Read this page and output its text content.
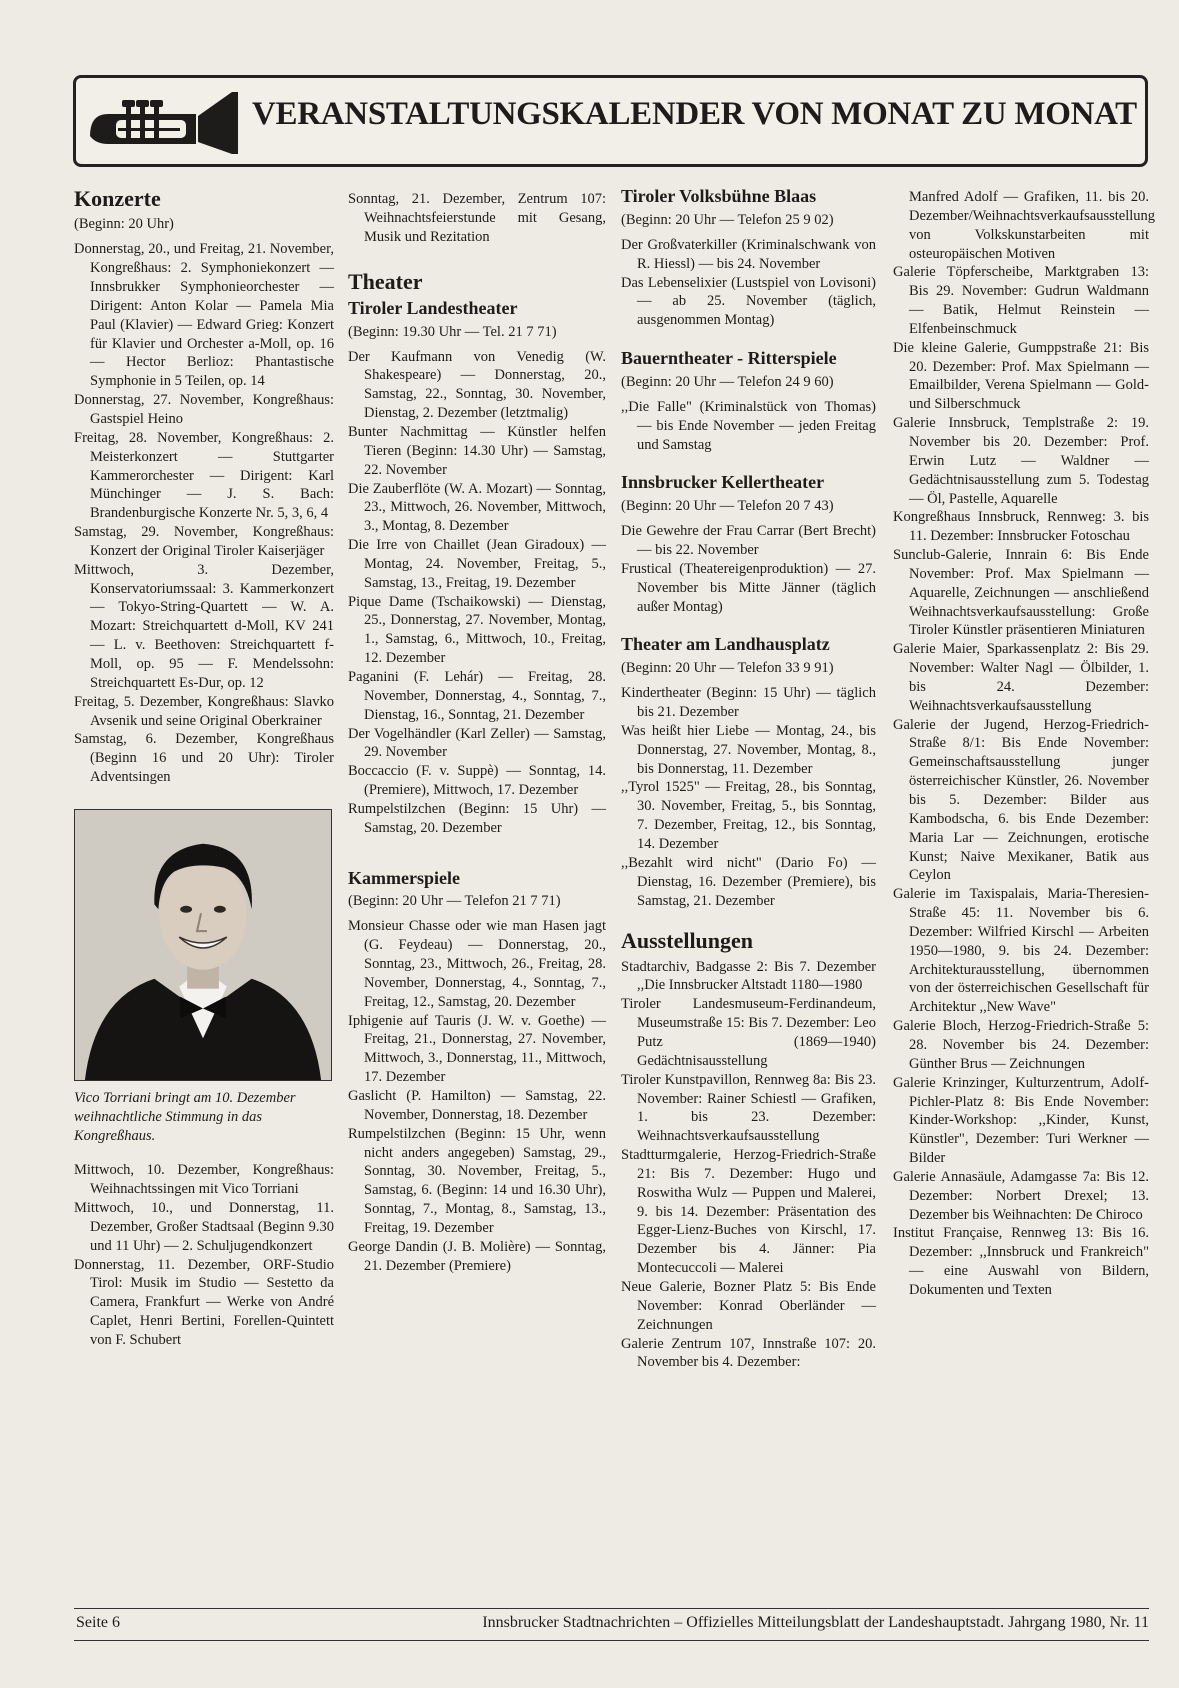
VERANSTALTUNGSKALENDER VON MONAT ZU MONAT
Konzerte
(Beginn: 20 Uhr)

Donnerstag, 20., und Freitag, 21. November, Kongreßhaus: 2. Symphoniekonzert — Innsbrukker Symphonieorchester — Dirigent: Anton Kolar — Pamela Mia Paul (Klavier) — Edward Grieg: Konzert für Klavier und Orchester a-Moll, op. 16 — Hector Berlioz: Phantastische Symphonie in 5 Teilen, op. 14

Donnerstag, 27. November, Kongreßhaus: Gastspiel Heino

Freitag, 28. November, Kongreßhaus: 2. Meisterkonzert — Stuttgarter Kammerorchester — Dirigent: Karl Münchinger — J. S. Bach: Brandenburgische Konzerte Nr. 5, 3, 6, 4

Samstag, 29. November, Kongreßhaus: Konzert der Original Tiroler Kaiserjäger

Mittwoch, 3. Dezember, Konservatoriumssaal: 3. Kammerkonzert — Tokyo-String-Quartett — W. A. Mozart: Streichquartett d-Moll, KV 241 — L. v. Beethoven: Streichquartett f-Moll, op. 95 — F. Mendelssohn: Streichquartett Es-Dur, op. 12

Freitag, 5. Dezember, Kongreßhaus: Slavko Avsenik und seine Original Oberkrainer

Samstag, 6. Dezember, Kongreßhaus (Beginn 16 und 20 Uhr): Tiroler Adventsingen

Vico Torriani bringt am 10. Dezember weihnachtliche Stimmung in das Kongreßhaus.

Mittwoch, 10. Dezember, Kongreßhaus: Weihnachtssingen mit Vico Torriani

Mittwoch, 10., und Donnerstag, 11. Dezember, Großer Stadtsaal (Beginn 9.30 und 11 Uhr) — 2. Schuljugendkonzert

Donnerstag, 11. Dezember, ORF-Studio Tirol: Musik im Studio — Sestetto da Camera, Frankfurt — Werke von André Caplet, Henri Bertini, Forellen-Quintett von F. Schubert

Sonntag, 21. Dezember, Zentrum 107: Weihnachtsfeierstunde mit Gesang, Musik und Rezitation

Theater
Tiroler Landestheater
(Beginn: 19.30 Uhr — Tel. 21 7 71)

Der Kaufmann von Venedig (W. Shakespeare) — Donnerstag, 20., Samstag, 22., Sonntag, 30. November, Dienstag, 2. Dezember (letztmalig)

Bunter Nachmittag — Künstler helfen Tieren (Beginn: 14.30 Uhr) — Samstag, 22. November

Die Zauberflöte (W. A. Mozart) — Sonntag, 23., Mittwoch, 26. November, Mittwoch, 3., Montag, 8. Dezember

Die Irre von Chaillet (Jean Giradoux) — Montag, 24. November, Freitag, 5., Samstag, 13., Freitag, 19. Dezember

Pique Dame (Tschaikowski) — Dienstag, 25., Donnerstag, 27. November, Montag, 1., Samstag, 6., Mittwoch, 10., Freitag, 12. Dezember

Paganini (F. Lehár) — Freitag, 28. November, Donnerstag, 4., Sonntag, 7., Dienstag, 16., Sonntag, 21. Dezember

Der Vogelhändler (Karl Zeller) — Samstag, 29. November

Boccaccio (F. v. Suppè) — Sonntag, 14. (Premiere), Mittwoch, 17. Dezember

Rumpelstilzchen (Beginn: 15 Uhr) — Samstag, 20. Dezember

Kammerspiele
(Beginn: 20 Uhr — Telefon 21 7 71)

Monsieur Chasse oder wie man Hasen jagt (G. Feydeau) — Donnerstag, 20., Sonntag, 23., Mittwoch, 26., Freitag, 28. November, Donnerstag, 4., Sonntag, 7., Freitag, 12., Samstag, 20. Dezember

Iphigenie auf Tauris (J. W. v. Goethe) — Freitag, 21., Donnerstag, 27. November, Mittwoch, 3., Donnerstag, 11., Mittwoch, 17. Dezember

Gaslicht (P. Hamilton) — Samstag, 22. November, Donnerstag, 18. Dezember

Rumpelstilzchen (Beginn: 15 Uhr, wenn nicht anders angegeben) Samstag, 29., Sonntag, 30. November, Freitag, 5., Samstag, 6. (Beginn: 14 und 16.30 Uhr), Sonntag, 7., Montag, 8., Samstag, 13., Freitag, 19. Dezember

George Dandin (J. B. Molière) — Sonntag, 21. Dezember (Premiere)

Tiroler Volksbühne Blaas
(Beginn: 20 Uhr — Telefon 25 9 02)

Der Großvaterkiller (Kriminalschwank von R. Hiessl) — bis 24. November

Das Lebenselixier (Lustspiel von Lovisoni) — ab 25. November (täglich, ausgenommen Montag)

Bauerntheater - Ritterspiele
(Beginn: 20 Uhr — Telefon 24 9 60)

,,Die Falle" (Kriminalstück von Thomas) — bis Ende November — jeden Freitag und Samstag

Innsbrucker Kellertheater
(Beginn: 20 Uhr — Telefon 20 7 43)

Die Gewehre der Frau Carrar (Bert Brecht) — bis 22. November

Frustical (Theatereigenproduktion) — 27. November bis Mitte Jänner (täglich außer Montag)

Theater am Landhausplatz
(Beginn: 20 Uhr — Telefon 33 9 91)

Kindertheater (Beginn: 15 Uhr) — täglich bis 21. Dezember

Was heißt hier Liebe — Montag, 24., bis Donnerstag, 27. November, Montag, 8., bis Donnerstag, 11. Dezember

,,Tyrol 1525" — Freitag, 28., bis Sonntag, 30. November, Freitag, 5., bis Sonntag, 7. Dezember, Freitag, 12., bis Sonntag, 14. Dezember

,,Bezahlt wird nicht" (Dario Fo) — Dienstag, 16. Dezember (Premiere), bis Samstag, 21. Dezember

Ausstellungen

Stadtarchiv, Badgasse 2: Bis 7. Dezember ,,Die Innsbrucker Altstadt 1180—1980

Tiroler Landesmuseum-Ferdinandeum, Museumstraße 15: Bis 7. Dezember: Leo Putz (1869—1940) Gedächtnisausstellung

Tiroler Kunstpavillon, Rennweg 8a: Bis 23. November: Rainer Schiestl — Grafiken, 1. bis 23. Dezember: Weihnachtsverkaufsausstellung

Stadtturmgalerie, Herzog-Friedrich-Straße 21: Bis 7. Dezember: Hugo und Roswitha Wulz — Puppen und Malerei, 9. bis 14. Dezember: Präsentation des Egger-Lienz-Buches von Kirschl, 17. Dezember bis 4. Jänner: Pia Montecuccoli — Malerei

Neue Galerie, Bozner Platz 5: Bis Ende November: Konrad Oberländer — Zeichnungen

Galerie Zentrum 107, Innstraße 107: 20. November bis 4. Dezember:

Manfred Adolf — Grafiken, 11. bis 20. Dezember/Weihnachtsverkaufsausstellung von Volkskunstarbeiten mit osteuropäischen Motiven

Galerie Töpferscheibe, Marktgraben 13: Bis 29. November: Gudrun Waldmann — Batik, Helmut Reinstein — Elfenbeinschmuck

Die kleine Galerie, Gumppstraße 21: Bis 20. Dezember: Prof. Max Spielmann — Emailbilder, Verena Spielmann — Gold- und Silberschmuck

Galerie Innsbruck, Templstraße 2: 19. November bis 20. Dezember: Prof. Erwin Lutz — Waldner — Gedächtnisausstellung zum 5. Todestag — Öl, Pastelle, Aquarelle

Kongreßhaus Innsbruck, Rennweg: 3. bis 11. Dezember: Innsbrucker Fotoschau

Sunclub-Galerie, Innrain 6: Bis Ende November: Prof. Max Spielmann — Aquarelle, Zeichnungen — anschließend Weihnachtsverkaufsausstellung: Große Tiroler Künstler präsentieren Miniaturen

Galerie Maier, Sparkassenplatz 2: Bis 29. November: Walter Nagl — Ölbilder, 1. bis 24. Dezember: Weihnachtsverkaufsausstellung

Galerie der Jugend, Herzog-Friedrich-Straße 8/1: Bis Ende November: Gemeinschaftsausstellung junger österreichischer Künstler, 26. November bis 5. Dezember: Bilder aus Kambodscha, 6. bis Ende Dezember: Maria Lar — Zeichnungen, erotische Kunst; Naive Mexikaner, Batik aus Ceylon

Galerie im Taxispalais, Maria-Theresien-Straße 45: 11. November bis 6. Dezember: Wilfried Kirschl — Arbeiten 1950—1980, 9. bis 24. Dezember: Architekturausstellung, übernommen von der österreichischen Gesellschaft für Architektur ,,New Wave"

Galerie Bloch, Herzog-Friedrich-Straße 5: 28. November bis 24. Dezember: Günther Brus — Zeichnungen

Galerie Krinzinger, Kulturzentrum, Adolf-Pichler-Platz 8: Bis Ende November: Kinder-Workshop: ,,Kinder, Kunst, Künstler", Dezember: Turi Werkner — Bilder

Galerie Annasäule, Adamgasse 7a: Bis 12. Dezember: Norbert Drexel; 13. Dezember bis Weihnachten: De Chiroco

Institut Française, Rennweg 13: Bis 16. Dezember: ,,Innsbruck und Frankreich" — eine Auswahl von Bildern, Dokumenten und Texten

Seite 6	Innsbrucker Stadtnachrichten – Offizielles Mitteilungsblatt der Landeshauptstadt. Jahrgang 1980, Nr. 11
